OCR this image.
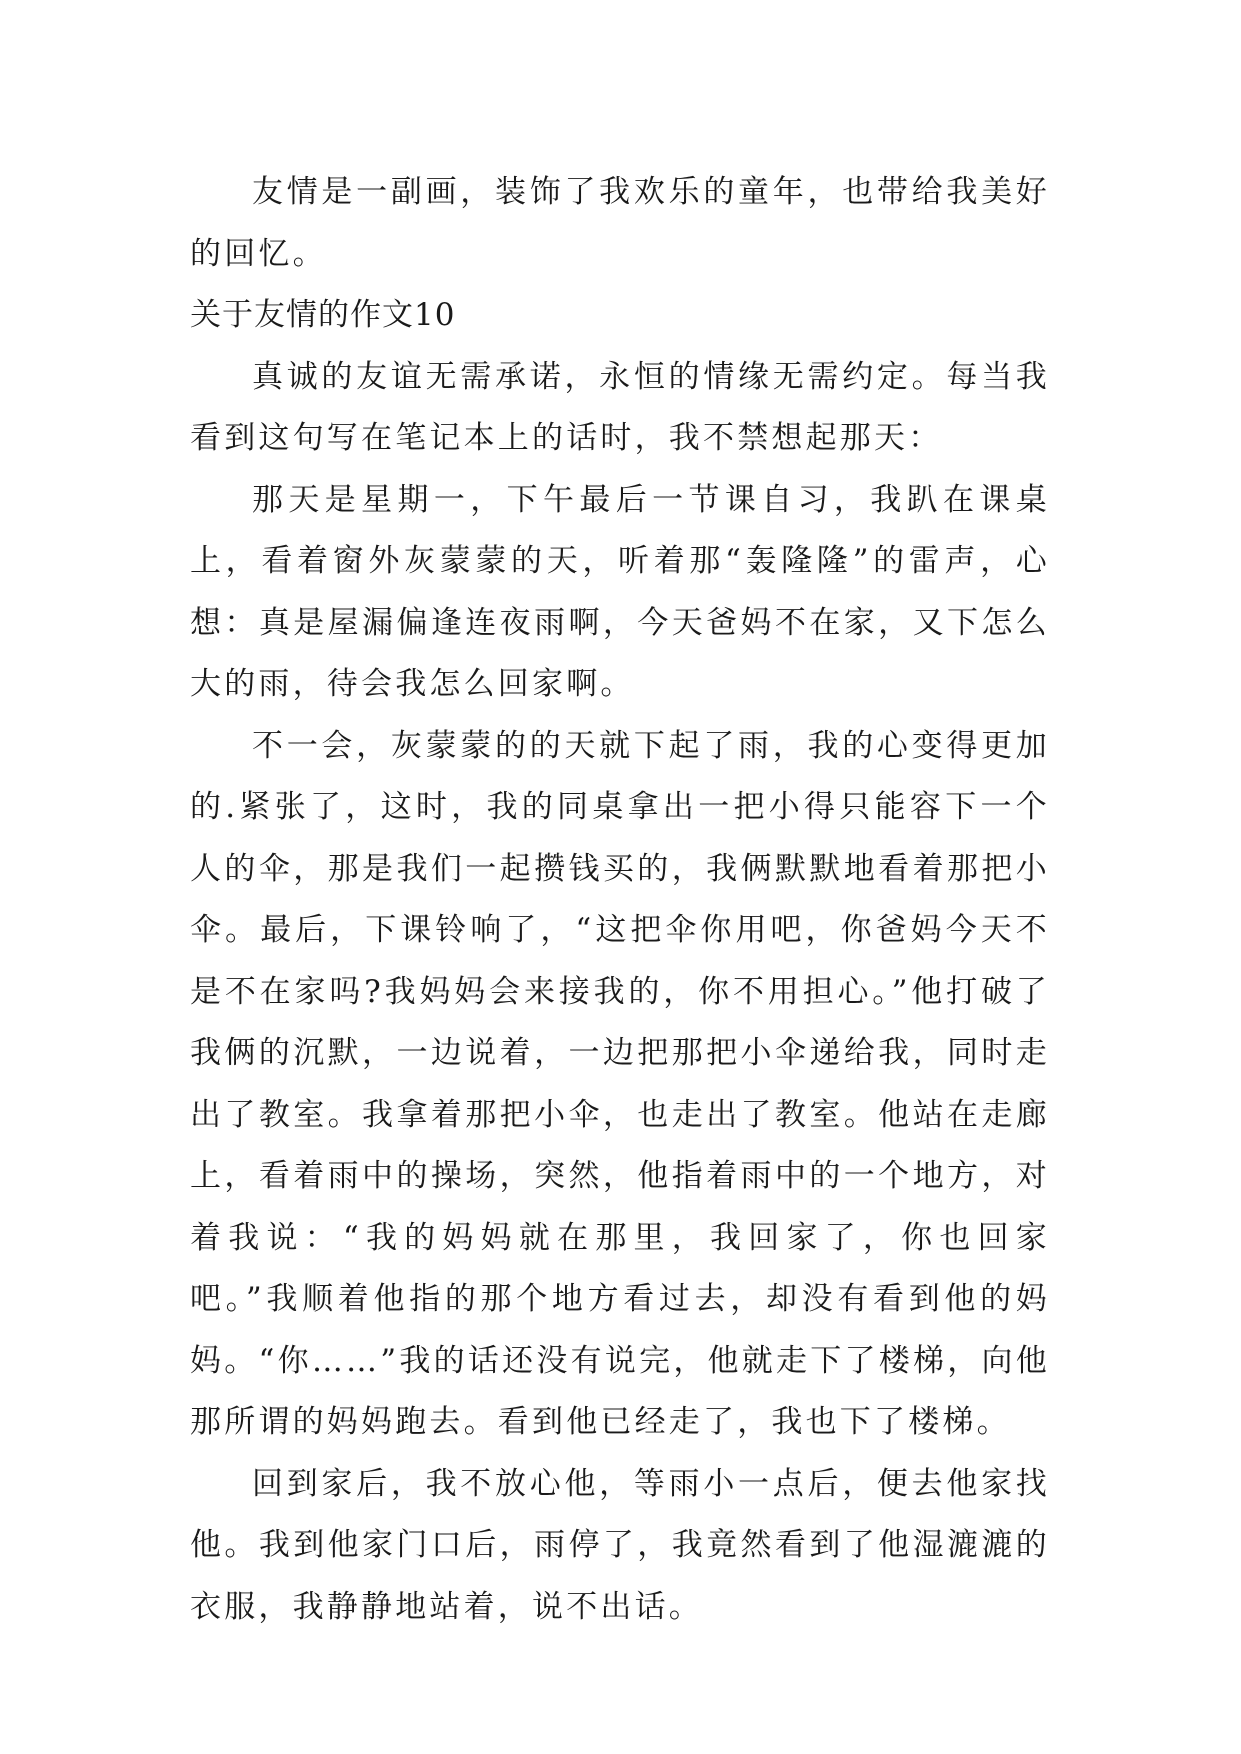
友情是一副画，装饰了我欢乐的童年，也带给我美好的回忆。

关于友情的作文10

真诚的友谊无需承诺，永恒的情缘无需约定。每当我看到这句写在笔记本上的话时，我不禁想起那天：

那天是星期一，下午最后一节课自习，我趴在课桌上，看着窗外灰蒙蒙的天，听着那“轰隆隆”的雷声，心想：真是屋漏偏逢连夜雨啊，今天爸妈不在家，又下怎么大的雨，待会我怎么回家啊。

不一会，灰蒙蒙的的天就下起了雨，我的心变得更加的.紧张了，这时，我的同桌拿出一把小得只能容下一个人的伞，那是我们一起攒钱买的，我俩默默地看着那把小伞。最后，下课铃响了，“这把伞你用吧，你爸妈今天不是不在家吗?我妈妈会来接我的，你不用担心。”他打破了我俩的沉默，一边说着，一边把那把小伞递给我，同时走出了教室。我拿着那把小伞，也走出了教室。他站在走廊上，看着雨中的操场，突然，他指着雨中的一个地方，对着我说：“我的妈妈就在那里，我回家了，你也回家吧。”我顺着他指的那个地方看过去，却没有看到他的妈妈。“你……”我的话还没有说完，他就走下了楼梯，向他那所谓的妈妈跑去。看到他已经走了，我也下了楼梯。

回到家后，我不放心他，等雨小一点后，便去他家找他。我到他家门口后，雨停了，我竟然看到了他湿漉漉的衣服，我静静地站着，说不出话。
